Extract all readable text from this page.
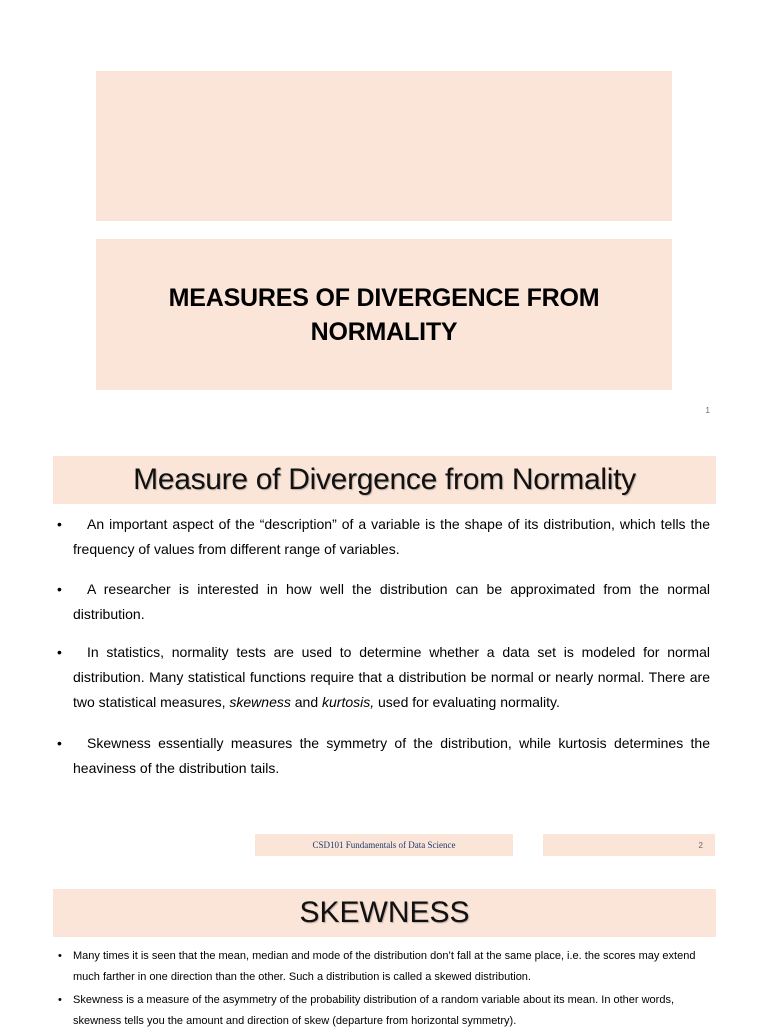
MEASURES OF DIVERGENCE FROM NORMALITY
1
Measure of Divergence from Normality
• An important aspect of the “description” of a variable is the shape of its distribution, which tells the frequency of values from different range of variables.
• A researcher is interested in how well the distribution can be approximated from the normal distribution.
• In statistics, normality tests are used to determine whether a data set is modeled for normal distribution. Many statistical functions require that a distribution be normal or nearly normal. There are two statistical measures, skewness and kurtosis, used for evaluating normality.
• Skewness essentially measures the symmetry of the distribution, while kurtosis determines the heaviness of the distribution tails.
CSD101 Fundamentals of Data Science	2
SKEWNESS
• Many times it is seen that the mean, median and mode of the distribution don’t fall at the same place, i.e. the scores may extend much farther in one direction than the other. Such a distribution is called a skewed distribution.
• Skewness is a measure of the asymmetry of the probability distribution of a random variable about its mean. In other words, skewness tells you the amount and direction of skew (departure from horizontal symmetry).
